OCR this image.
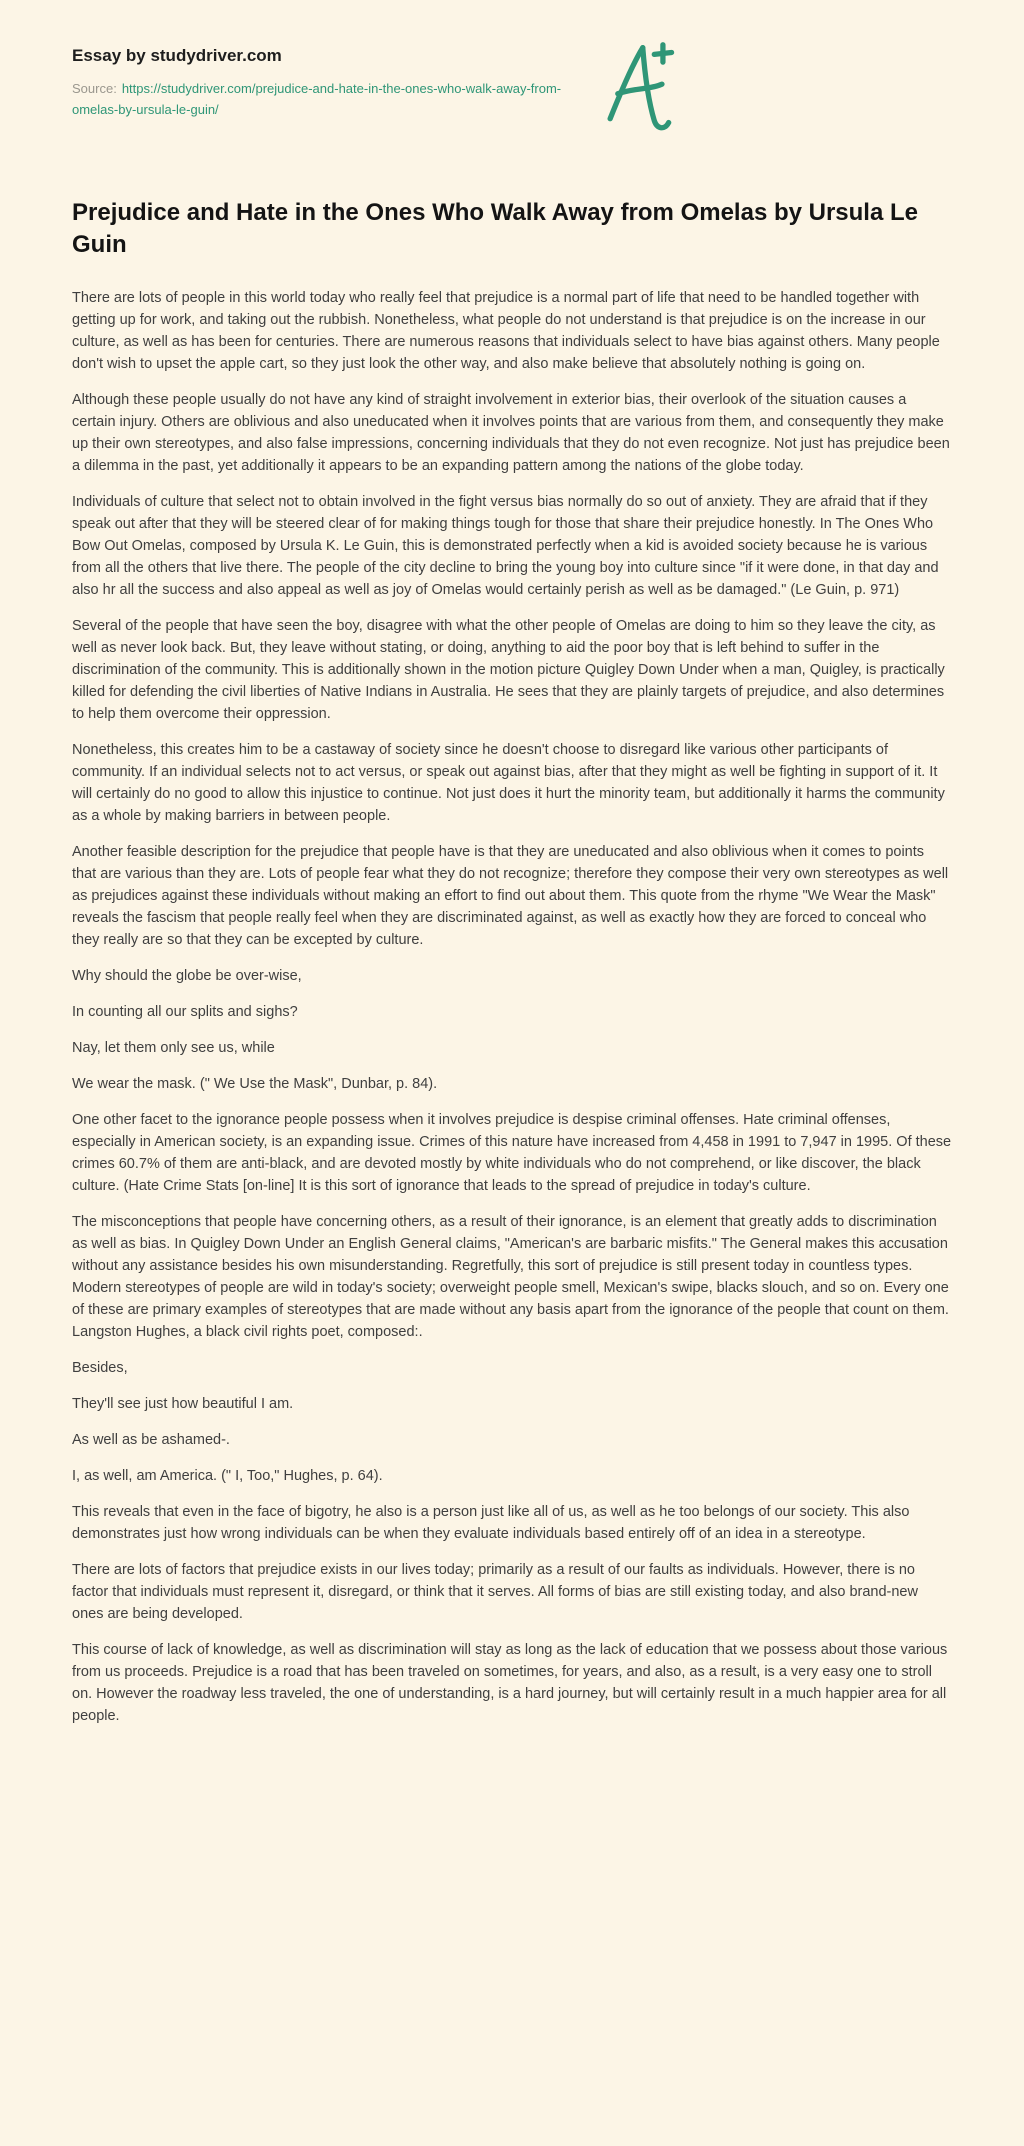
Essay by studydriver.com

Source: https://studydriver.com/prejudice-and-hate-in-the-ones-who-walk-away-from-omelas-by-ursula-le-guin/

Prejudice and Hate in the Ones Who Walk Away from Omelas by Ursula Le Guin

There are lots of people in this world today who really feel that prejudice is a normal part of life that need to be handled together with getting up for work, and taking out the rubbish. Nonetheless, what people do not understand is that prejudice is on the increase in our culture, as well as has been for centuries. There are numerous reasons that individuals select to have bias against others. Many people don't wish to upset the apple cart, so they just look the other way, and also make believe that absolutely nothing is going on.

Although these people usually do not have any kind of straight involvement in exterior bias, their overlook of the situation causes a certain injury. Others are oblivious and also uneducated when it involves points that are various from them, and consequently they make up their own stereotypes, and also false impressions, concerning individuals that they do not even recognize. Not just has prejudice been a dilemma in the past, yet additionally it appears to be an expanding pattern among the nations of the globe today.

Individuals of culture that select not to obtain involved in the fight versus bias normally do so out of anxiety. They are afraid that if they speak out after that they will be steered clear of for making things tough for those that share their prejudice honestly. In The Ones Who Bow Out Omelas, composed by Ursula K. Le Guin, this is demonstrated perfectly when a kid is avoided society because he is various from all the others that live there. The people of the city decline to bring the young boy into culture since "if it were done, in that day and also hr all the success and also appeal as well as joy of Omelas would certainly perish as well as be damaged." (Le Guin, p. 971)

Several of the people that have seen the boy, disagree with what the other people of Omelas are doing to him so they leave the city, as well as never look back. But, they leave without stating, or doing, anything to aid the poor boy that is left behind to suffer in the discrimination of the community. This is additionally shown in the motion picture Quigley Down Under when a man, Quigley, is practically killed for defending the civil liberties of Native Indians in Australia. He sees that they are plainly targets of prejudice, and also determines to help them overcome their oppression.

Nonetheless, this creates him to be a castaway of society since he doesn't choose to disregard like various other participants of community. If an individual selects not to act versus, or speak out against bias, after that they might as well be fighting in support of it. It will certainly do no good to allow this injustice to continue. Not just does it hurt the minority team, but additionally it harms the community as a whole by making barriers in between people.

Another feasible description for the prejudice that people have is that they are uneducated and also oblivious when it comes to points that are various than they are. Lots of people fear what they do not recognize; therefore they compose their very own stereotypes as well as prejudices against these individuals without making an effort to find out about them. This quote from the rhyme "We Wear the Mask" reveals the fascism that people really feel when they are discriminated against, as well as exactly how they are forced to conceal who they really are so that they can be excepted by culture.

Why should the globe be over-wise,

In counting all our splits and sighs?

Nay, let them only see us, while

We wear the mask. (" We Use the Mask", Dunbar, p. 84).

One other facet to the ignorance people possess when it involves prejudice is despise criminal offenses. Hate criminal offenses, especially in American society, is an expanding issue. Crimes of this nature have increased from 4,458 in 1991 to 7,947 in 1995. Of these crimes 60.7% of them are anti-black, and are devoted mostly by white individuals who do not comprehend, or like discover, the black culture. (Hate Crime Stats [on-line] It is this sort of ignorance that leads to the spread of prejudice in today's culture.

The misconceptions that people have concerning others, as a result of their ignorance, is an element that greatly adds to discrimination as well as bias. In Quigley Down Under an English General claims, "American's are barbaric misfits." The General makes this accusation without any assistance besides his own misunderstanding. Regretfully, this sort of prejudice is still present today in countless types. Modern stereotypes of people are wild in today's society; overweight people smell, Mexican's swipe, blacks slouch, and so on. Every one of these are primary examples of stereotypes that are made without any basis apart from the ignorance of the people that count on them. Langston Hughes, a black civil rights poet, composed:.

Besides,

They'll see just how beautiful I am.

As well as be ashamed-.

I, as well, am America. (" I, Too," Hughes, p. 64).

This reveals that even in the face of bigotry, he also is a person just like all of us, as well as he too belongs of our society. This also demonstrates just how wrong individuals can be when they evaluate individuals based entirely off of an idea in a stereotype.

There are lots of factors that prejudice exists in our lives today; primarily as a result of our faults as individuals. However, there is no factor that individuals must represent it, disregard, or think that it serves. All forms of bias are still existing today, and also brand-new ones are being developed.

This course of lack of knowledge, as well as discrimination will stay as long as the lack of education that we possess about those various from us proceeds. Prejudice is a road that has been traveled on sometimes, for years, and also, as a result, is a very easy one to stroll on. However the roadway less traveled, the one of understanding, is a hard journey, but will certainly result in a much happier area for all people.
